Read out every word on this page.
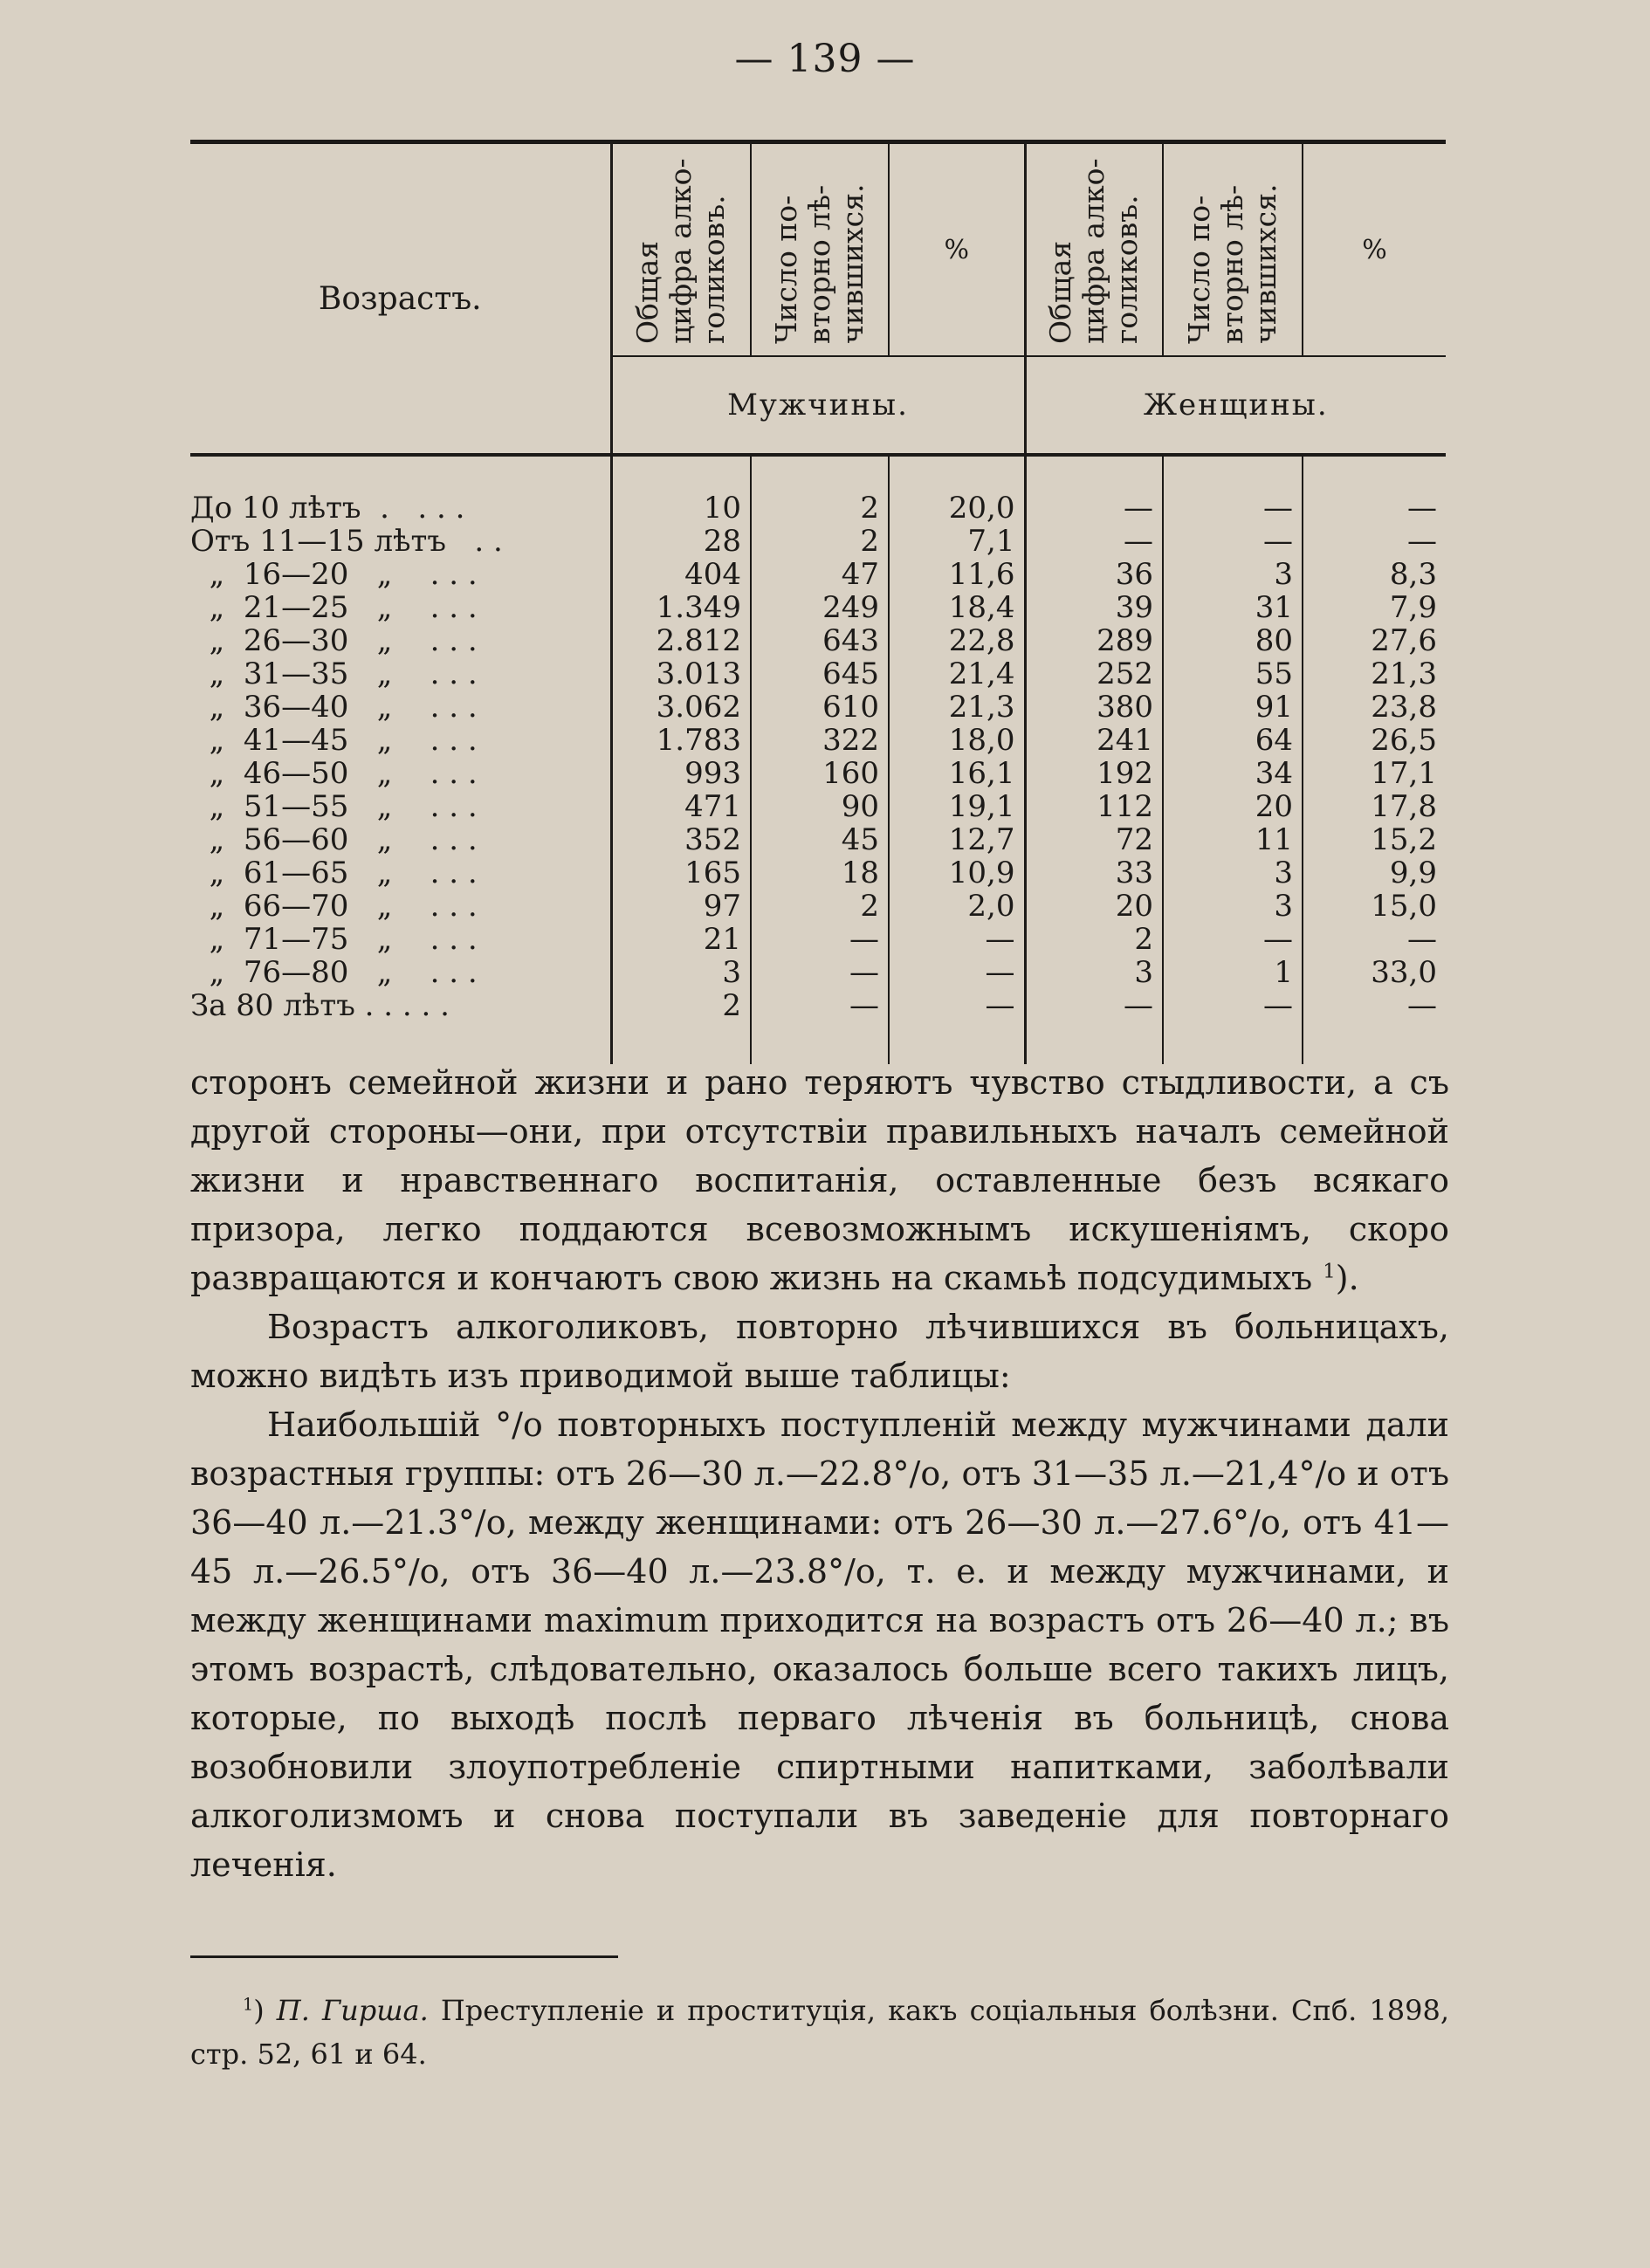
— 139 —

Возрастъ.	Общая
цифра алко-
голиковъ.	Число по-
вторно лѣ-
чившихся.	%	Общая
цифра алко-
голиковъ.	Число по-
вторно лѣ-
чившихся.	%
	Мужчины.			Женщины.		
До 10 лѣтъ  .   . . .	10	2	20,0	—	—	—
Отъ 11—15 лѣтъ   . .	28	2	7,1	—	—	—
„  16—20   „    . . .	404	47	11,6	36	3	8,3
„  21—25   „    . . .	1.349	249	18,4	39	31	7,9
„  26—30   „    . . .	2.812	643	22,8	289	80	27,6
„  31—35   „    . . .	3.013	645	21,4	252	55	21,3
„  36—40   „    . . .	3.062	610	21,3	380	91	23,8
„  41—45   „    . . .	1.783	322	18,0	241	64	26,5
„  46—50   „    . . .	993	160	16,1	192	34	17,1
„  51—55   „    . . .	471	90	19,1	112	20	17,8
„  56—60   „    . . .	352	45	12,7	72	11	15,2
„  61—65   „    . . .	165	18	10,9	33	3	9,9
„  66—70   „    . . .	97	2	2,0	20	3	15,0
„  71—75   „    . . .	21	—	—	2	—	—
„  76—80   „    . . .	3	—	—	3	1	33,0
За 80 лѣтъ . . . . .	2	—	—	—	—	—

сторонъ семейной жизни и рано теряютъ чувство стыдливости, а съ другой стороны—они, при отсутствіи правильныхъ началъ семейной жизни и нравственнаго воспитанія, оставленные безъ всякаго призора, легко поддаются всевозможнымъ искушеніямъ, скоро развращаются и кончаютъ свою жизнь на скамьѣ подсудимыхъ $^1$).

Возрастъ алкоголиковъ, повторно лѣчившихся въ больницахъ, можно видѣть изъ приводимой выше таблицы:

Наибольшій °/о повторныхъ поступленій между мужчинами дали возрастныя группы: отъ 26—30 л.—22.8°/o, отъ 31—35 л.—21,4°/o и отъ 36—40 л.—21.3°/o, между женщинами: отъ 26—30 л.—27.6°/o, отъ 41—45 л.—26.5°/o, отъ 36—40 л.—23.8°/o, т. е. и между мужчинами, и между женщинами maximum приходится на возрастъ отъ 26—40 л.; въ этомъ возрастѣ, слѣдовательно, оказалось больше всего такихъ лицъ, которые, по выходѣ послѣ перваго лѣченія въ больницѣ, снова возобновили злоупотребленіе спиртными напитками, заболѣвали алкоголизмомъ и снова поступали въ заведеніе для повторнаго леченія.

$^1$) П. Гирша. Преступленіе и проституція, какъ соціальныя болѣзни. Спб. 1898, стр. 52, 61 и 64.
